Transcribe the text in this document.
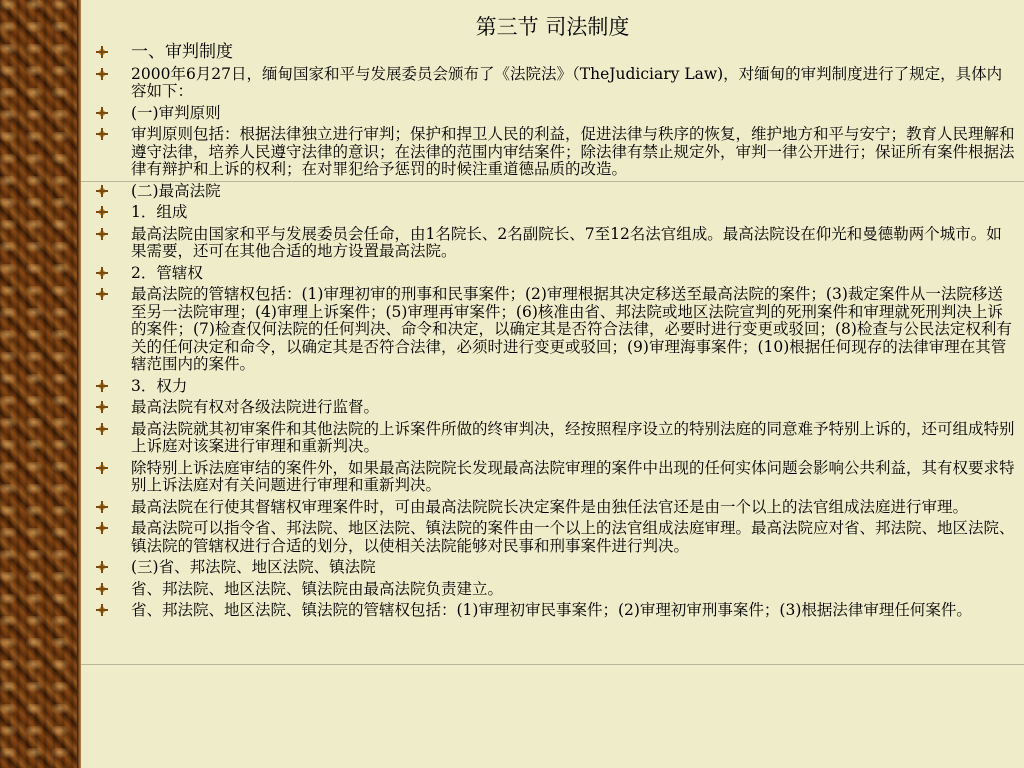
第三节 司法制度
一、审判制度
2000年6月27日，缅甸国家和平与发展委员会颁布了《法院法》（TheJudiciary Law)，对缅甸的审判制度进行了规定，具体内容如下：
(一)审判原则
审判原则包括：根据法律独立进行审判；保护和捍卫人民的利益，促进法律与秩序的恢复，维护地方和平与安宁；教育人民理解和遵守法律，培养人民遵守法律的意识；在法律的范围内审结案件；除法律有禁止规定外，审判一律公开进行；保证所有案件根据法律有辩护和上诉的权利；在对罪犯给予惩罚的时候注重道德品质的改造。
(二)最高法院
1．组成
最高法院由国家和平与发展委员会任命，由1名院长、2名副院长、7至12名法官组成。最高法院设在仰光和曼德勒两个城市。如果需要，还可在其他合适的地方设置最高法院。
2．管辖权
最高法院的管辖权包括：(1)审理初审的刑事和民事案件；(2)审理根据其决定移送至最高法院的案件；(3)裁定案件从一法院移送至另一法院审理；(4)审理上诉案件；(5)审理再审案件；(6)核准由省、邦法院或地区法院宣判的死刑案件和审理就死刑判决上诉的案件；(7)检查仅何法院的任何判决、命令和决定，以确定其是否符合法律，必要时进行变更或驳回；(8)检查与公民法定权利有关的任何决定和命令，以确定其是否符合法律，必须时进行变更或驳回；(9)审理海事案件；(10)根据任何现存的法律审理在其管辖范围内的案件。
3．权力
最高法院有权对各级法院进行监督。
最高法院就其初审案件和其他法院的上诉案件所做的终审判决，经按照程序设立的特别法庭的同意难予特别上诉的，还可组成特别上诉庭对该案进行审理和重新判决。
除特别上诉法庭审结的案件外，如果最高法院院长发现最高法院审理的案件中出现的任何实体问题会影响公共利益，其有权要求特别上诉法庭对有关问题进行审理和重新判决。
最高法院在行使其督辖权审理案件时，可由最高法院院长决定案件是由独任法官还是由一个以上的法官组成法庭进行审理。
最高法院可以指令省、邦法院、地区法院、镇法院的案件由一个以上的法官组成法庭审理。最高法院应对省、邦法院、地区法院、镇法院的管辖权进行合适的划分，以使相关法院能够对民事和刑事案件进行判决。
(三)省、邦法院、地区法院、镇法院
省、邦法院、地区法院、镇法院由最高法院负责建立。
省、邦法院、地区法院、镇法院的管辖权包括：(1)审理初审民事案件；(2)审理初审刑事案件；(3)根据法律审理任何案件。
